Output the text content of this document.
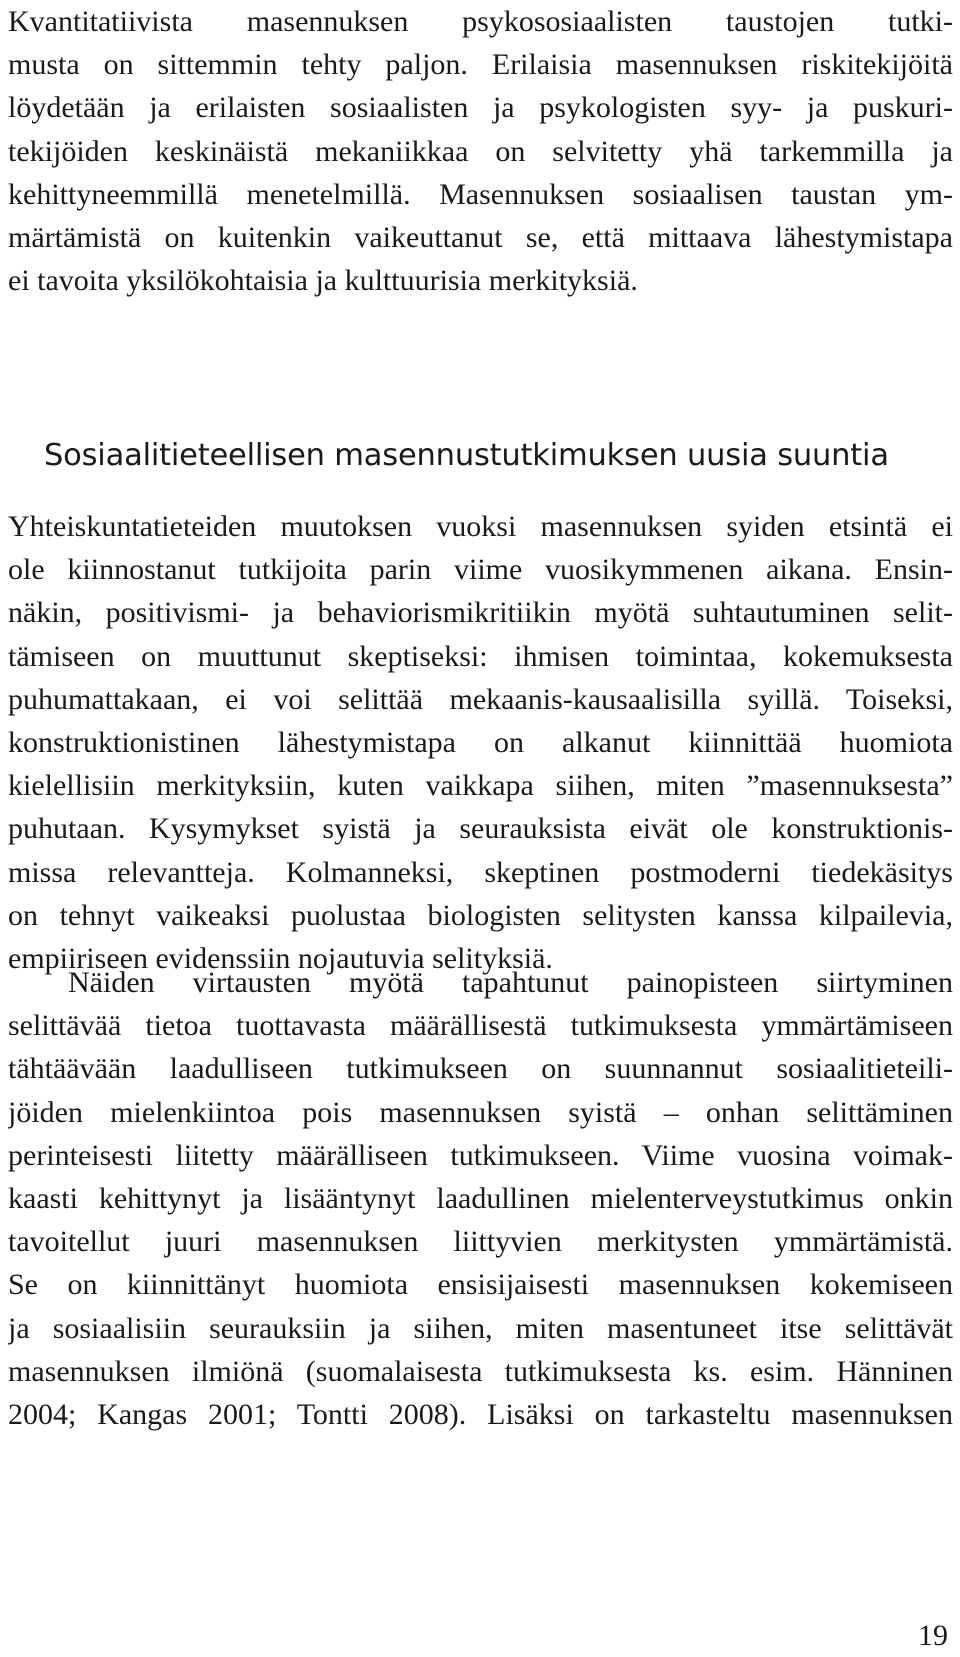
Kvantitatiivista masennuksen psykososiaalisten taustojen tutki-
musta on sittemmin tehty paljon. Erilaisia masennuksen riskitekijöitä
löydetään ja erilaisten sosiaalisten ja psykologisten syy- ja puskuri-
tekijöiden keskinäistä mekaniikkaa on selvitetty yhä tarkemmilla ja
kehittyneemmillä menetelmillä. Masennuksen sosiaalisen taustan ym-
märtämistä on kuitenkin vaikeuttanut se, että mittaava lähestymistapa
ei tavoita yksilökohtaisia ja kulttuurisia merkityksiä.

Sosiaalitieteellisen masennustutkimuksen uusia suuntia

Yhteiskuntatieteiden muutoksen vuoksi masennuksen syiden etsintä ei
ole kiinnostanut tutkijoita parin viime vuosikymmenen aikana. Ensin-
näkin, positivismi- ja behaviorismikritiikin myötä suhtautuminen selit-
tämiseen on muuttunut skeptiseksi: ihmisen toimintaa, kokemuksesta
puhumattakaan, ei voi selittää mekaanis-kausaalisilla syillä. Toiseksi,
konstruktionistinen lähestymistapa on alkanut kiinnittää huomiota
kielellisiin merkityksiin, kuten vaikkapa siihen, miten ”masennuksesta”
puhutaan. Kysymykset syistä ja seurauksista eivät ole konstruktionis-
missa relevantteja. Kolmanneksi, skeptinen postmoderni tiedekäsitys
on tehnyt vaikeaksi puolustaa biologisten selitysten kanssa kilpailevia,
empiiriseen evidenssiin nojautuvia selityksiä.

Näiden virtausten myötä tapahtunut painopisteen siirtyminen
selittävää tietoa tuottavasta määrällisestä tutkimuksesta ymmärtämiseen
tähtäävään laadulliseen tutkimukseen on suunnannut sosiaalitieteili-
jöiden mielenkiintoa pois masennuksen syistä – onhan selittäminen
perinteisesti liitetty määrälliseen tutkimukseen. Viime vuosina voimak-
kaasti kehittynyt ja lisääntynyt laadullinen mielenterveystutkimus onkin
tavoitellut juuri masennuksen liittyvien merkitysten ymmärtämistä.
Se on kiinnittänyt huomiota ensisijaisesti masennuksen kokemiseen
ja sosiaalisiin seurauksiin ja siihen, miten masentuneet itse selittävät
masennuksen ilmiönä (suomalaisesta tutkimuksesta ks. esim. Hänninen
2004; Kangas 2001; Tontti 2008). Lisäksi on tarkasteltu masennuksen

19
